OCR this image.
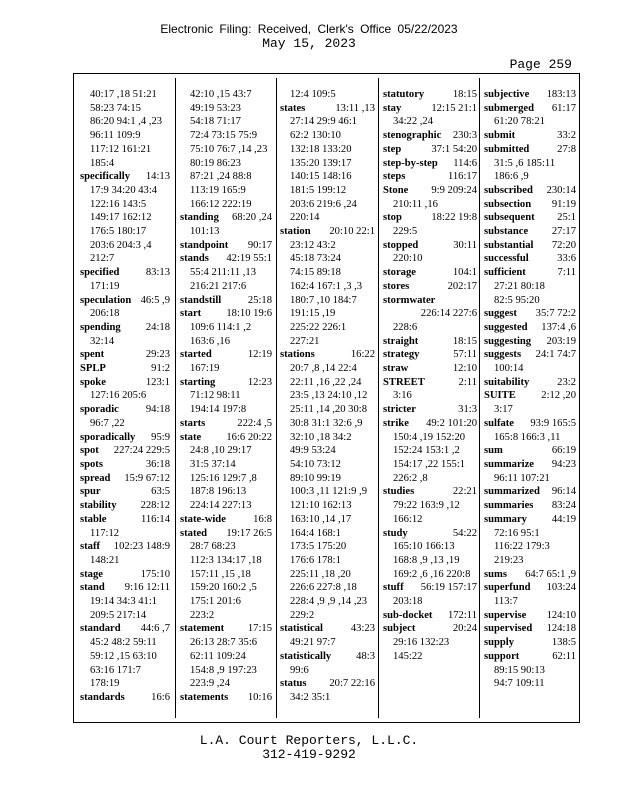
Electronic Filing: Received, Clerk's Office 05/22/2023
May 15, 2023
Page 259
40:17 ,18 51:21
58:23 74:15
86:20 94:1 ,4 ,23
96:11 109:9
117:12 161:21
185:4
specifically 14:13
17:9 34:20 43:4
122:16 143:5
149:17 162:12
176:5 180:17
203:6 204:3 ,4
212:7
specified 83:13
171:19
speculation 46:5 ,9
206:18
spending 24:18
32:14
spent	29:23
SPLP	91:2
spoke	123:1
127:16 205:6
sporadic	94:18
96:7 ,22
sporadically 95:9
spot 227:24 229:5
spots	36:18
spread 15:9 67:12
spur	63:5
stability 228:12
stable	116:14
117:12
staff 102:23 148:9
148:21
stage	175:10
stand 9:16 12:11
19:14 34:3 41:1
209:5 217:14
standard 44:6 ,7
45:2 48:2 59:11
59:12 ,15 63:10
63:16 171:7
178:19
standards 16:6
42:10 ,15 43:7
49:19 53:23
54:18 71:17
72:4 73:15 75:9
75:10 76:7 ,14 ,23
80:19 86:23
87:21 ,24 88:8
113:19 165:9
166:12 222:19
standing 68:20 ,24
101:13
standpoint 90:17
stands 42:19 55:1
55:4 211:11 ,13
216:21 217:6
standstill	25:18
start 18:10 19:6
109:6 114:1 ,2
163:6 ,16
started	12:19
167:19
starting	12:23
71:12 98:11
194:14 197:8
starts	222:4 ,5
state 16:6 20:22
24:8 ,10 29:17
31:5 37:14
125:16 129:7 ,8
187:8 196:13
224:14 227:13
state-wide	16:8
stated 19:17 26:5
28:7 68:23
112:3 134:17 ,18
157:11 ,15 ,18
159:20 160:2 ,5
175:1 201:6
223:2
statement 17:15
26:13 28:7 35:6
62:11 109:24
154:8 ,9 197:23
223:9 ,24
statements 10:16
12:4 109:5
states	13:11 ,13
27:14 29:9 46:1
62:2 130:10
132:18 133:20
135:20 139:17
140:15 148:16
181:5 199:12
203:6 219:6 ,24
220:14
station 20:10 22:1
23:12 43:2
45:18 73:24
74:15 89:18
162:4 167:1 ,3 ,3
180:7 ,10 184:7
191:15 ,19
225:22 226:1
227:21
stations	16:22
20:7 ,8 ,14 22:4
22:11 ,16 ,22 ,24
23:5 ,13 24:10 ,12
25:11 ,14 ,20 30:8
30:8 31:1 32:6 ,9
32:10 ,18 34:2
49:9 53:24
54:10 73:12
89:10 99:19
100:3 ,11 121:9 ,9
121:10 162:13
163:10 ,14 ,17
164:4 168:1
173:5 175:20
176:6 178:1
225:11 ,18 ,20
226:6 227:8 ,18
228:4 ,9 ,9 ,14 ,23
229:2
statistical	43:23
49:21 97:7
statistically 48:3
99:6
status 20:7 22:16
34:2 35:1
statutory	18:15
stay	12:15 21:1
34:22 ,24
stenographic 230:3
step	37:1 54:20
step-by-step 114:6
steps	116:17
Stone 9:9 209:24
210:11 ,16
stop	18:22 19:8
229:5
stopped	30:11
220:10
storage	104:1
stores	202:17
stormwater
226:14 227:6
228:6
straight	18:15
strategy	57:11
straw	12:10
STREET	2:11
3:16
stricter	31:3
strike 49:2 101:20
150:4 ,19 152:20
152:24 153:1 ,2
154:17 ,22 155:1
226:2 ,8
studies	22:21
79:22 163:9 ,12
166:12
study	54:22
165:10 166:13
168:8 ,9 ,13 ,19
169:2 ,6 ,16 220:8
stuff 56:19 157:17
203:18
sub-docket 172:11
subject	20:24
29:16 132:23
145:22
subjective 183:13
submerged 61:17
61:20 78:21
submit	33:2
submitted	27:8
31:5 ,6 185:11
186:6 ,9
subscribed 230:14
subsection 91:19
subsequent 25:1
substance 27:17
substantial 72:20
successful	33:6
sufficient	7:11
27:21 80:18
82:5 95:20
suggest 35:7 72:2
suggested 137:4 ,6
suggesting 203:19
suggests 24:1 74:7
100:14
suitability	23:2
SUITE 2:12 ,20
3:17
sulfate 93:9 165:5
165:8 166:3 ,11
sum	66:19
summarize 94:23
96:11 107:21
summarized 96:14
summaries 83:24
summary 44:19
72:16 95:1
116:22 179:3
219:23
sums 64:7 65:1 ,9
superfund 103:24
113:7
supervise 124:10
supervised 124:18
supply	138:5
support	62:11
89:15 90:13
94:7 109:11
L.A. Court Reporters, L.L.C.
312-419-9292
